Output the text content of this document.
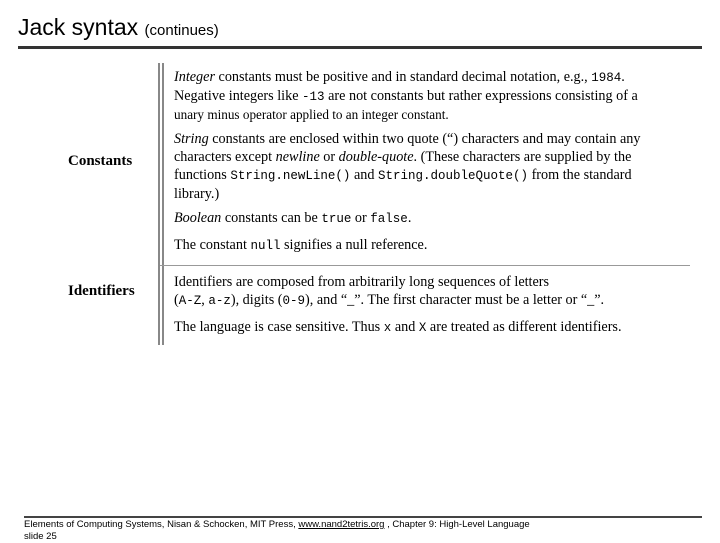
Jack syntax (continues)
Constants
Identifiers
Integer constants must be positive and in standard decimal notation, e.g., 1984.
Negative integers like -13 are not constants but rather expressions consisting of a
unary minus operator applied to an integer constant.
String constants are enclosed within two quote (“) characters and may contain any
characters except newline or double-quote. (These characters are supplied by the
functions String.newLine() and String.doubleQuote() from the standard
library.)
Boolean constants can be true or false.
The constant null signifies a null reference.
Identifiers are composed from arbitrarily long sequences of letters
(A-Z, a-z), digits (0-9), and “_”. The first character must be a letter or “_”.
The language is case sensitive. Thus x and X are treated as different identifiers.
Elements of Computing Systems, Nisan & Schocken, MIT Press, www.nand2tetris.org , Chapter 9: High-Level Language
slide 25
